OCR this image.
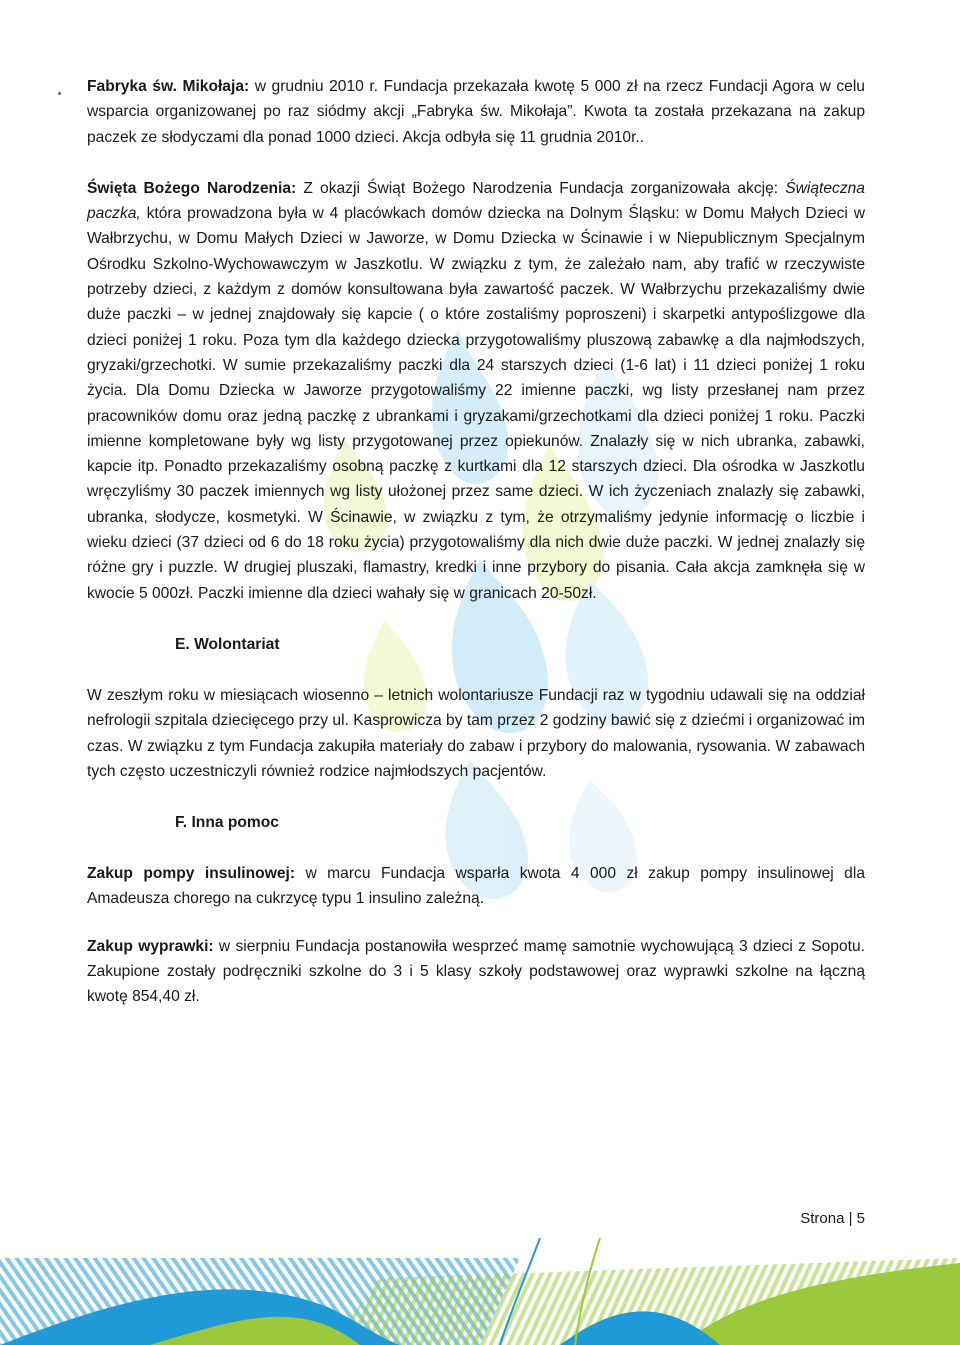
Fabryka św. Mikołaja: w grudniu 2010 r. Fundacja przekazała kwotę 5 000 zł na rzecz Fundacji Agora w celu wsparcia organizowanej po raz siódmy akcji „Fabryka św. Mikołaja”. Kwota ta została przekazana na zakup paczek ze słodyczami dla ponad 1000 dzieci. Akcja odbyła się 11 grudnia 2010r..

Święta Bożego Narodzenia: Z okazji Świąt Bożego Narodzenia Fundacja zorganizowała akcję: Świąteczna paczka, która prowadzona była w 4 placówkach domów dziecka na Dolnym Śląsku: w Domu Małych Dzieci w Wałbrzychu, w Domu Małych Dzieci w Jaworze, w Domu Dziecka w Ścinawie i w Niepublicznym Specjalnym Ośrodku Szkolno-Wychowawczym w Jaszkotlu. W związku z tym, że zależało nam, aby trafić w rzeczywiste potrzeby dzieci, z każdym z domów konsultowana była zawartość paczek. W Wałbrzychu przekazaliśmy dwie duże paczki – w jednej znajdowały się kapcie ( o które zostaliśmy poproszeni) i skarpetki antypoślizgowe dla dzieci poniżej 1 roku. Poza tym dla każdego dziecka przygotowaliśmy pluszową zabawkę a dla najmłodszych, gryzaki/grzechotki. W sumie przekazaliśmy paczki dla 24 starszych dzieci (1-6 lat) i 11 dzieci poniżej 1 roku życia. Dla Domu Dziecka w Jaworze przygotowaliśmy 22 imienne paczki, wg listy przesłanej nam przez pracowników domu oraz jedną paczkę z ubrankami i gryzakami/grzechotkami dla dzieci poniżej 1 roku. Paczki imienne kompletowane były wg listy przygotowanej przez opiekunów. Znalazły się w nich ubranka, zabawki, kapcie itp. Ponadto przekazaliśmy osobną paczkę z kurtkami dla 12 starszych dzieci. Dla ośrodka w Jaszkotlu wręczyliśmy 30 paczek imiennych wg listy ułożonej przez same dzieci. W ich życzeniach znalazły się zabawki, ubranka, słodycze, kosmetyki. W Ścinawie, w związku z tym, że otrzymaliśmy jedynie informację o liczbie i wieku dzieci (37 dzieci od 6 do 18 roku życia) przygotowaliśmy dla nich dwie duże paczki. W jednej znalazły się różne gry i puzzle. W drugiej pluszaki, flamastry, kredki i inne przybory do pisania. Cała akcja zamknęła się w kwocie 5 000zł. Paczki imienne dla dzieci wahały się w granicach 20-50zł.

E. Wolontariat

W zeszłym roku w miesiącach wiosenno – letnich wolontariusze Fundacji raz w tygodniu udawali się na oddział nefrologii szpitala dziecięcego przy ul. Kasprowicza by tam przez 2 godziny bawić się z dziećmi i organizować im czas. W związku z tym Fundacja zakupiła materiały do zabaw i przybory do malowania, rysowania. W zabawach tych często uczestniczyli również rodzice najmłodszych pacjentów.

F. Inna pomoc

Zakup pompy insulinowej: w marcu Fundacja wsparła kwota 4 000 zł zakup pompy insulinowej dla Amadeusza chorego na cukrzycę typu 1 insulino zależną.

Zakup wyprawki: w sierpniu Fundacja postanowiła wesprzeć mamę samotnie wychowującą 3 dzieci z Sopotu. Zakupione zostały podręczniki szkolne do 3 i 5 klasy szkoły podstawowej oraz wyprawki szkolne na łączną kwotę 854,40 zł.

Strona | 5
